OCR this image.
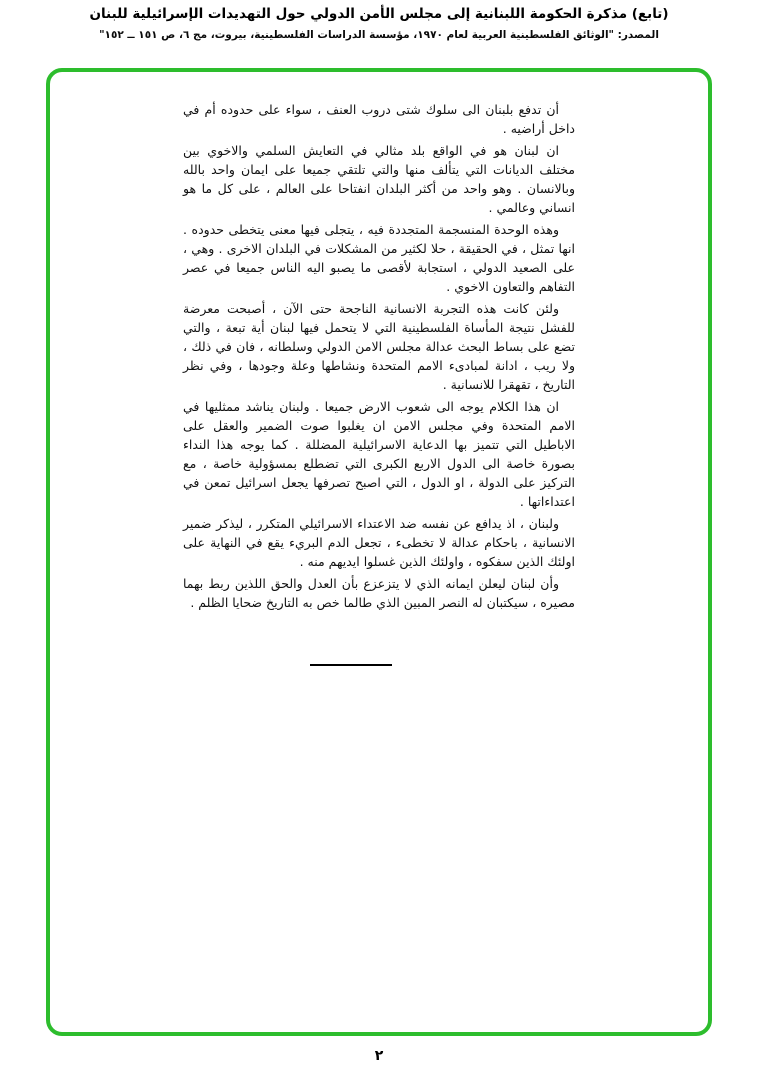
(تابع) مذكرة الحكومة اللبنانية إلى مجلس الأمن الدولي حول التهديدات الإسرائيلية للبنان
المصدر: "الوثائق الفلسطينية العربية لعام ١٩٧٠، مؤسسة الدراسات الفلسطينية، بيروت، مج ٦، ص ١٥١ ــ ١٥٢"

أن تدفع بلبنان الى سلوك شتى دروب العنف ، سواء على حدوده أم في داخل أراضيه .

ان لبنان هو في الواقع بلد مثالي في التعايش السلمي والاخوي بين مختلف الديانات التي يتألف منها والتي تلتقي جميعا على ايمان واحد بالله وبالانسان . وهو واحد من أكثر البلدان انفتاحا على العالم ، على كل ما هو انساني وعالمي .

وهذه الوحدة المنسجمة المتجددة فيه ، يتجلى فيها معنى يتخطى حدوده . انها تمثل ، في الحقيقة ، حلا لكثير من المشكلات في البلدان الاخرى . وهي ، على الصعيد الدولي ، استجابة لأقصى ما يصبو اليه الناس جميعا في عصر التفاهم والتعاون الاخوي .

ولئن كانت هذه التجربة الانسانية الناجحة حتى الآن ، أصبحت معرضة للفشل نتيجة المأساة الفلسطينية التي لا يتحمل فيها لبنان أية تبعة ، والتي تضع على بساط البحث عدالة مجلس الامن الدولي وسلطانه ، فان في ذلك ، ولا ريب ، ادانة لمبادىء الامم المتحدة ونشاطها وعلة وجودها ، وفي نظر التاريخ ، تقهقرا للانسانية .

ان هذا الكلام يوجه الى شعوب الارض جميعا . ولبنان يناشد ممثليها في الامم المتحدة وفي مجلس الامن ان يغلبوا صوت الضمير والعقل على الاباطيل التي تتميز بها الدعاية الاسرائيلية المضللة . كما يوجه هذا النداء بصورة خاصة الى الدول الاربع الكبرى التي تضطلع بمسؤولية خاصة ، مع التركيز على الدولة ، او الدول ، التي اصبح تصرفها يجعل اسرائيل تمعن في اعتداءاتها .

ولبنان ، اذ يدافع عن نفسه ضد الاعتداء الاسرائيلي المتكرر ، ليذكر ضمير الانسانية ، باحكام عدالة لا تخطىء ، تجعل الدم البريء يقع في النهاية على اولئك الذين سفكوه ، واولئك الذين غسلوا ايديهم منه .

وأن لبنان ليعلن ايمانه الذي لا يتزعزع بأن العدل والحق اللذين ربط بهما مصيره ، سيكتبان له النصر المبين الذي طالما خص به التاريخ ضحايا الظلم .

٢
